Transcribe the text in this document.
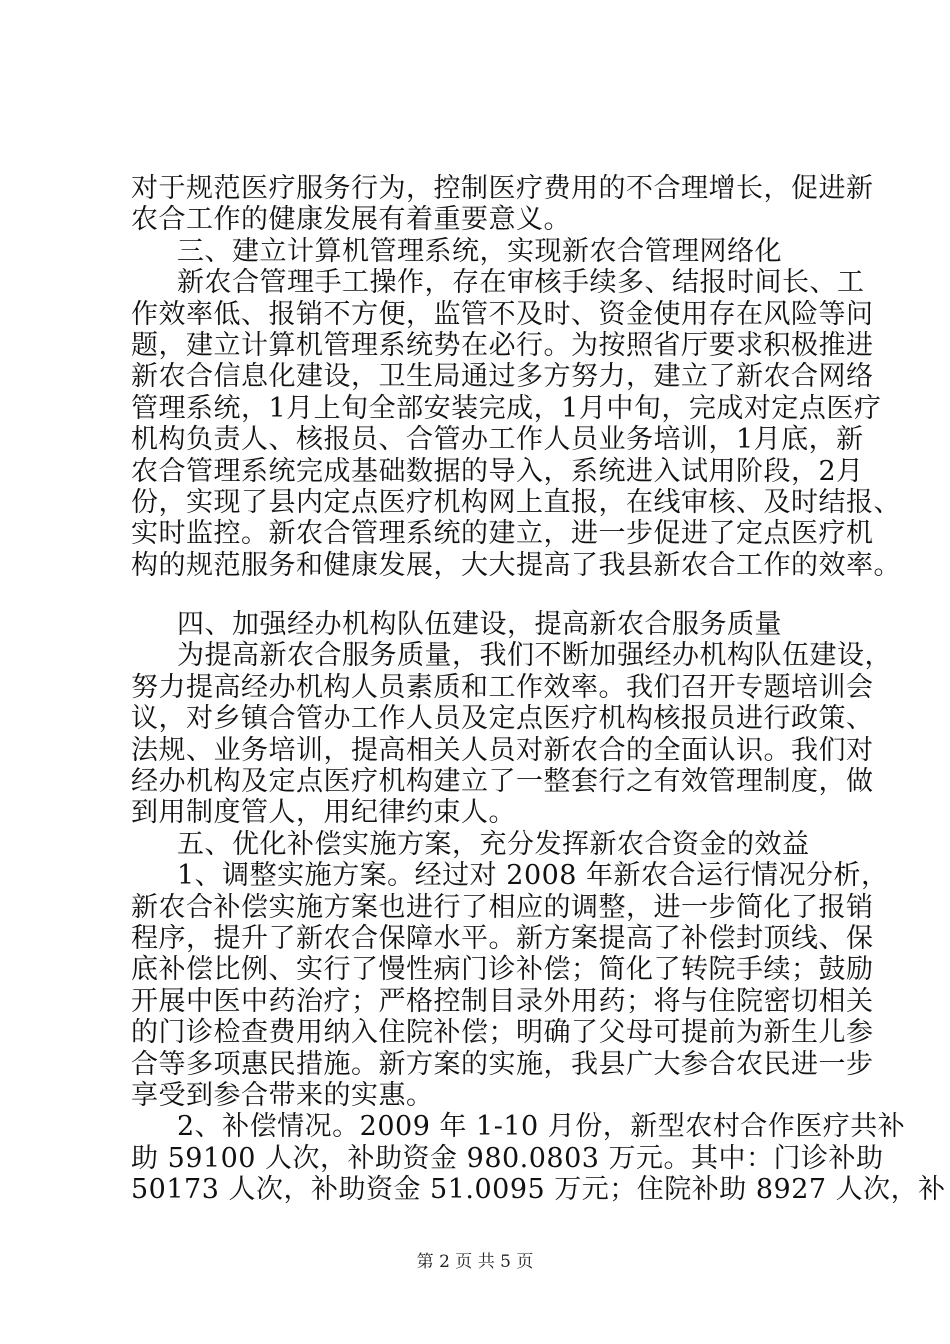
对于规范医疗服务行为，控制医疗费用的不合理增长，促进新
农合工作的健康发展有着重要意义。
三、建立计算机管理系统，实现新农合管理网络化
新农合管理手工操作，存在审核手续多、结报时间长、工
作效率低、报销不方便，监管不及时、资金使用存在风险等问
题，建立计算机管理系统势在必行。为按照省厅要求积极推进
新农合信息化建设，卫生局通过多方努力，建立了新农合网络
管理系统，1月上旬全部安装完成，1月中旬，完成对定点医疗
机构负责人、核报员、合管办工作人员业务培训，1月底，新
农合管理系统完成基础数据的导入，系统进入试用阶段，2月
份，实现了县内定点医疗机构网上直报，在线审核、及时结报、
实时监控。新农合管理系统的建立，进一步促进了定点医疗机
构的规范服务和健康发展，大大提高了我县新农合工作的效率。
四、加强经办机构队伍建设，提高新农合服务质量
为提高新农合服务质量，我们不断加强经办机构队伍建设，
努力提高经办机构人员素质和工作效率。我们召开专题培训会
议，对乡镇合管办工作人员及定点医疗机构核报员进行政策、
法规、业务培训，提高相关人员对新农合的全面认识。我们对
经办机构及定点医疗机构建立了一整套行之有效管理制度，做
到用制度管人，用纪律约束人。
五、优化补偿实施方案，充分发挥新农合资金的效益
1、调整实施方案。经过对 2008 年新农合运行情况分析，
新农合补偿实施方案也进行了相应的调整，进一步简化了报销
程序，提升了新农合保障水平。新方案提高了补偿封顶线、保
底补偿比例、实行了慢性病门诊补偿；简化了转院手续；鼓励
开展中医中药治疗；严格控制目录外用药；将与住院密切相关
的门诊检查费用纳入住院补偿；明确了父母可提前为新生儿参
合等多项惠民措施。新方案的实施，我县广大参合农民进一步
享受到参合带来的实惠。
2、补偿情况。2009 年 1-10 月份，新型农村合作医疗共补
助 59100 人次，补助资金 980.0803 万元。其中：门诊补助
50173 人次，补助资金 51.0095 万元；住院补助 8927 人次，补
第 2 页 共 5 页
